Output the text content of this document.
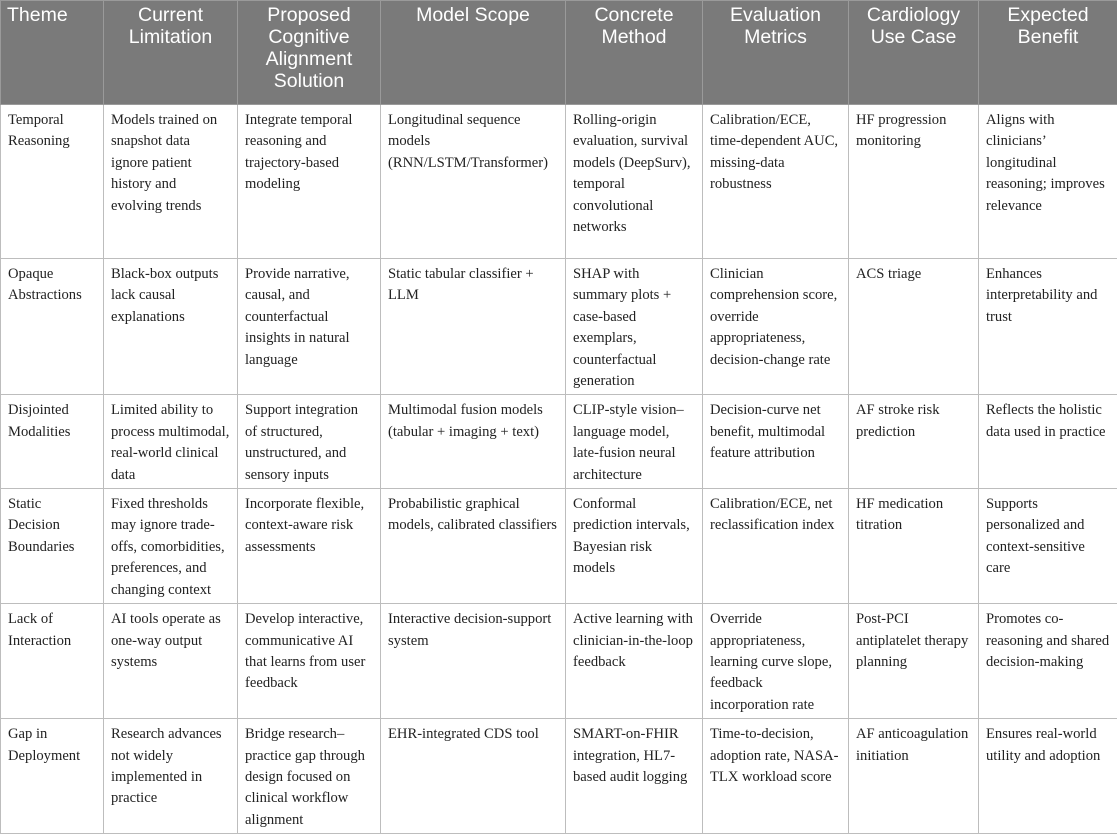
Theme	Current Limitation	Proposed Cognitive Alignment Solution	Model Scope	Concrete Method	Evaluation Metrics	Cardiology Use Case	Expected Benefit
Temporal Reasoning	Models trained on snapshot data ignore patient history and evolving trends	Integrate temporal reasoning and trajectory-based modeling	Longitudinal sequence models (RNN/LSTM/Transformer)	Rolling-origin evaluation, survival models (DeepSurv), temporal convolutional networks	Calibration/ECE, time-dependent AUC, missing-data robustness	HF progression monitoring	Aligns with clinicians’ longitudinal reasoning; improves relevance
Opaque Abstractions	Black-box outputs lack causal explanations	Provide narrative, causal, and counterfactual insights in natural language	Static tabular classifier + LLM	SHAP with summary plots + case-based exemplars, counterfactual generation	Clinician comprehension score, override appropriateness, decision-change rate	ACS triage	Enhances interpretability and trust
Disjointed Modalities	Limited ability to process multimodal, real-world clinical data	Support integration of structured, unstructured, and sensory inputs	Multimodal fusion models (tabular + imaging + text)	CLIP-style vision–language model, late-fusion neural architecture	Decision-curve net benefit, multimodal feature attribution	AF stroke risk prediction	Reflects the holistic data used in practice
Static Decision Boundaries	Fixed thresholds may ignore trade-offs, comorbidities, preferences, and changing context	Incorporate flexible, context-aware risk assessments	Probabilistic graphical models, calibrated classifiers	Conformal prediction intervals, Bayesian risk models	Calibration/ECE, net reclassification index	HF medication titration	Supports personalized and context-sensitive care
Lack of Interaction	AI tools operate as one-way output systems	Develop interactive, communicative AI that learns from user feedback	Interactive decision-support system	Active learning with clinician-in-the-loop feedback	Override appropriateness, learning curve slope, feedback incorporation rate	Post-PCI antiplatelet therapy planning	Promotes co-reasoning and shared decision-making
Gap in Deployment	Research advances not widely implemented in practice	Bridge research–practice gap through design focused on clinical workflow alignment	EHR-integrated CDS tool	SMART-on-FHIR integration, HL7-based audit logging	Time-to-decision, adoption rate, NASA-TLX workload score	AF anticoagulation initiation	Ensures real-world utility and adoption
